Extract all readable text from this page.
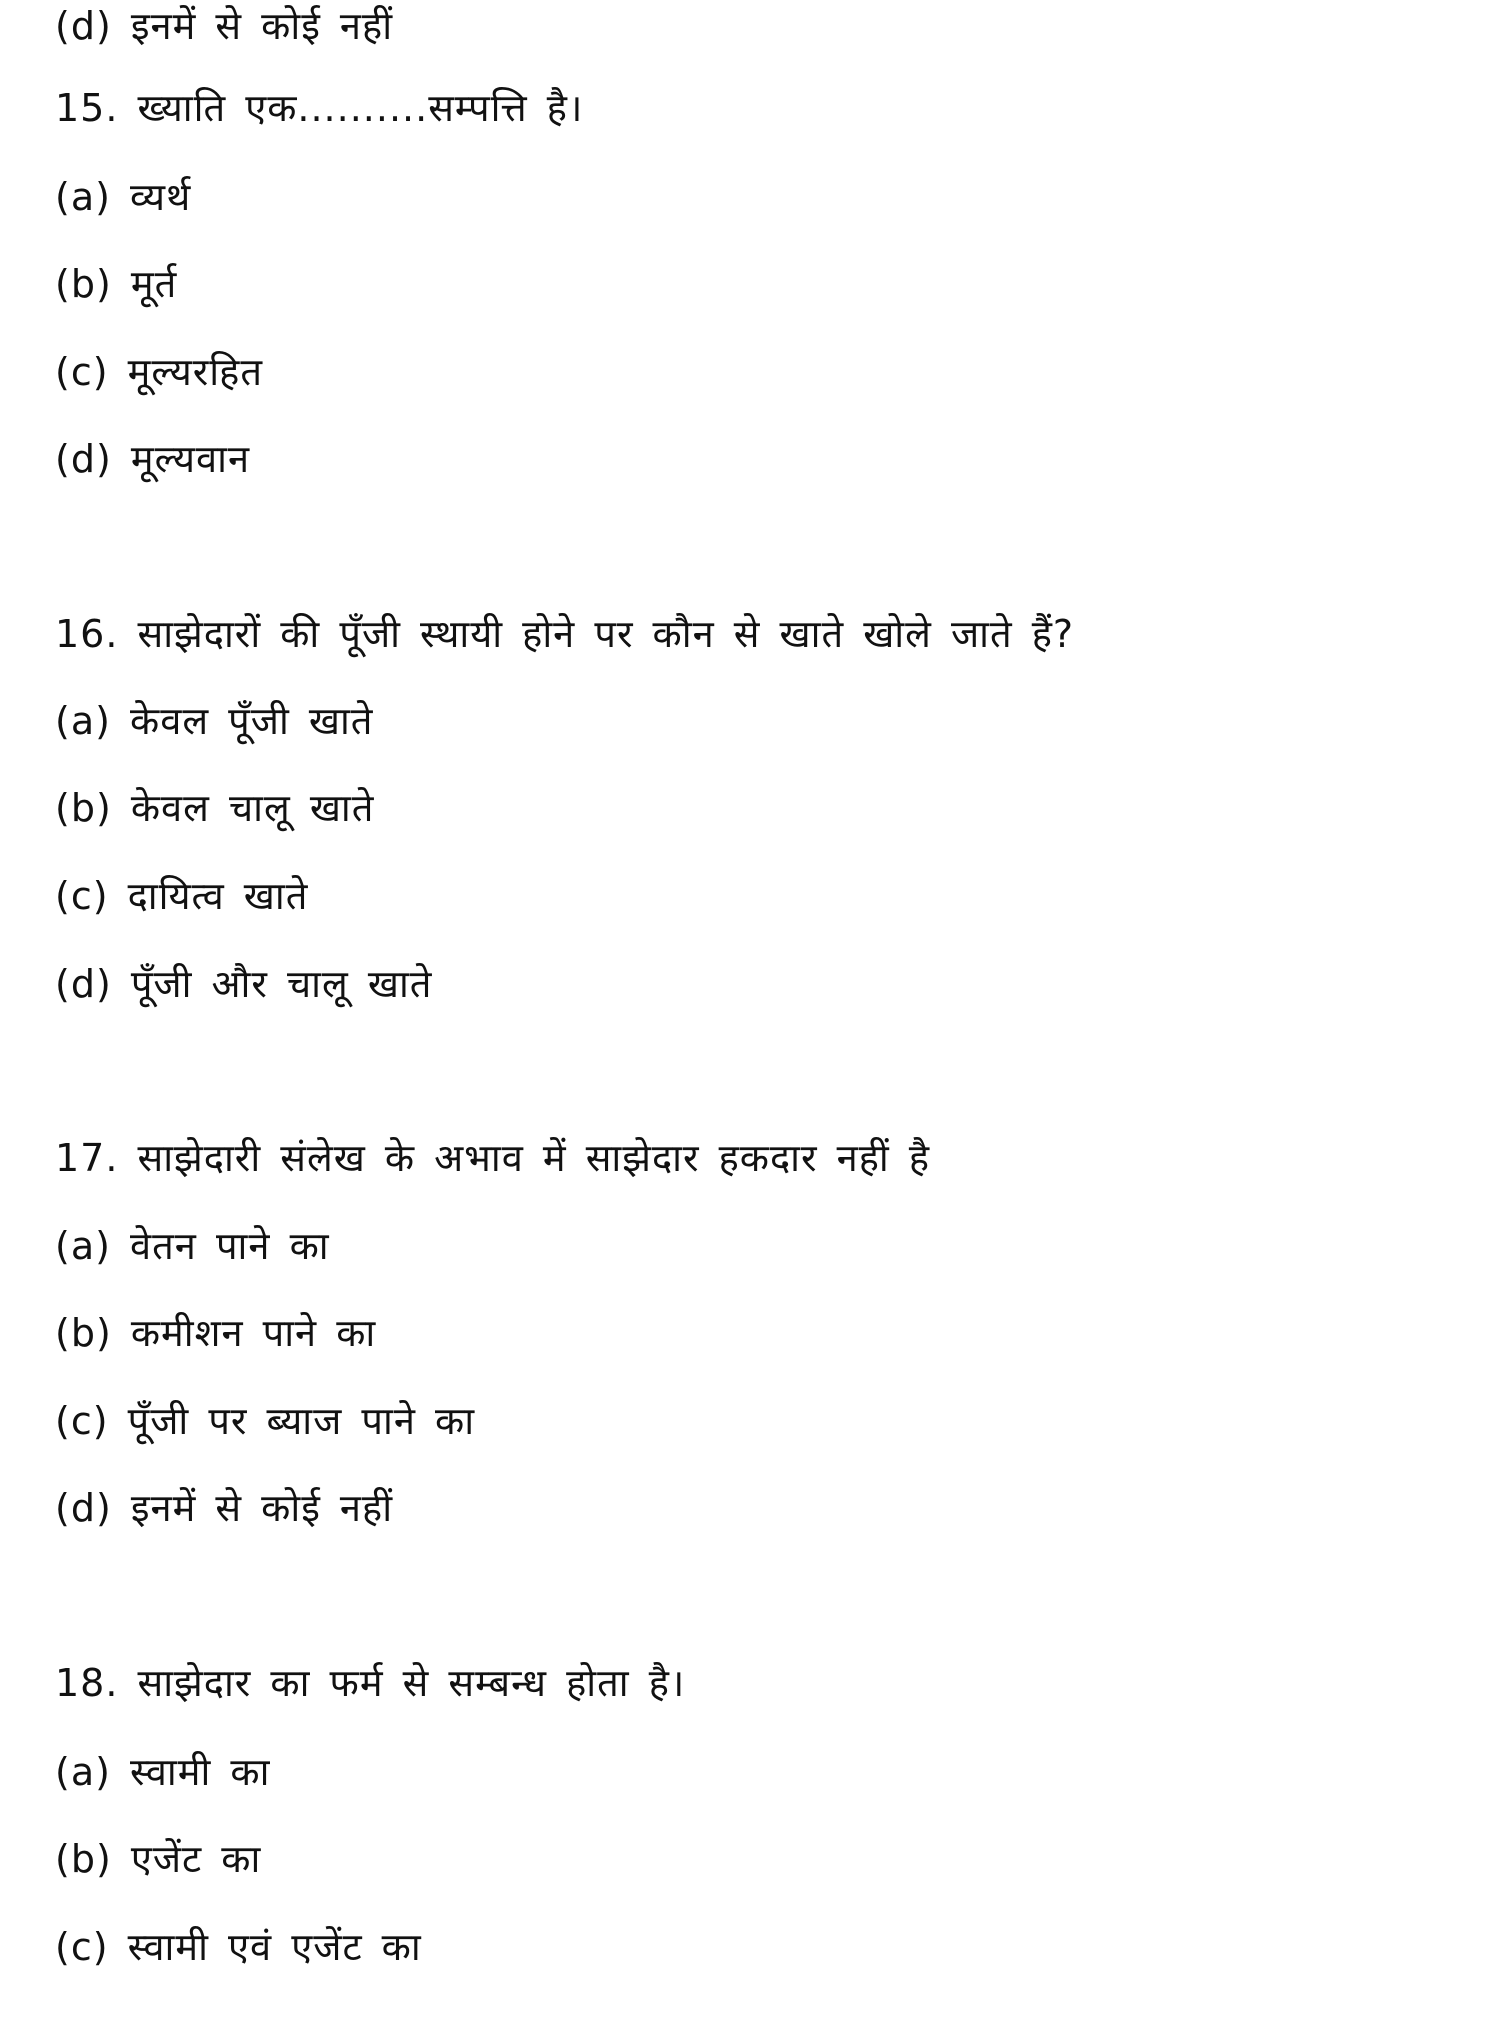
(d) इनमें से कोई नहीं
15. ख्याति एक..........सम्पत्ति है।
(a) व्यर्थ
(b) मूर्त
(c) मूल्यरहित
(d) मूल्यवान
16. साझेदारों की पूँजी स्थायी होने पर कौन से खाते खोले जाते हैं?
(a) केवल पूँजी खाते
(b) केवल चालू खाते
(c) दायित्व खाते
(d) पूँजी और चालू खाते
17. साझेदारी संलेख के अभाव में साझेदार हकदार नहीं है
(a) वेतन पाने का
(b) कमीशन पाने का
(c) पूँजी पर ब्याज पाने का
(d) इनमें से कोई नहीं
18. साझेदार का फर्म से सम्बन्ध होता है।
(a) स्वामी का
(b) एजेंट का
(c) स्वामी एवं एजेंट का
